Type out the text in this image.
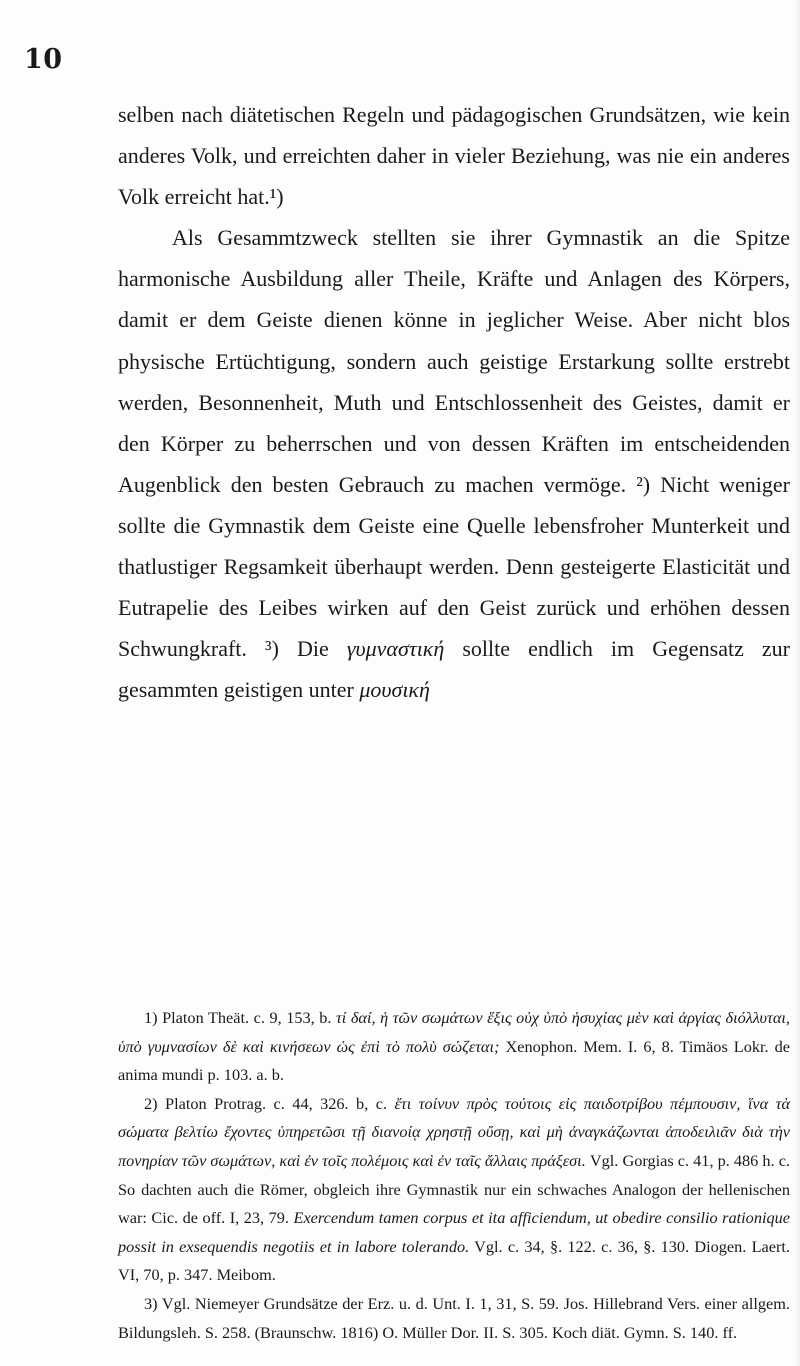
10

selben nach diätetischen Regeln und pädagogischen Grundsätzen, wie kein anderes Volk, und erreichten daher in vieler Beziehung, was nie ein anderes Volk erreicht hat.¹)

Als Gesammtzweck stellten sie ihrer Gymnastik an die Spitze harmonische Ausbildung aller Theile, Kräfte und Anlagen des Körpers, damit er dem Geiste dienen könne in jeglicher Weise. Aber nicht blos physische Ertüchtigung, sondern auch geistige Erstarkung sollte erstrebt werden, Besonnenheit, Muth und Entschlossenheit des Geistes, damit er den Körper zu beherrschen und von dessen Kräften im entscheidenden Augenblick den besten Gebrauch zu machen vermöge. ²) Nicht weniger sollte die Gymnastik dem Geiste eine Quelle lebensfroher Munterkeit und thatlustiger Regsamkeit überhaupt werden. Denn gesteigerte Elasticität und Eutrapelie des Leibes wirken auf den Geist zurück und erhöhen dessen Schwungkraft. ³) Die γυμναστική sollte endlich im Gegensatz zur gesammten geistigen unter μουσική

1) Platon Theät. c. 9, 153, b. τί δαί, ἡ τῶν σωμάτων ἕξις οὐχ ὑπὸ ἡσυχίας μὲν καὶ ἀργίας διόλλυται, ὑπὸ γυμνασίων δὲ καὶ κινήσεων ὡς ἐπὶ τὸ πολὺ σώζεται; Xenophon. Mem. I. 6, 8. Timäos Lokr. de anima mundi p. 103. a. b.

2) Platon Protrag. c. 44, 326. b, c. ἔτι τοίνυν πρὸς τούτοις εἰς παιδοτρίβου πέμπουσιν, ἵνα τὰ σώματα βελτίω ἔχοντες ὑπηρετῶσι τῇ διανοίᾳ χρηστῇ οὔσῃ, καὶ μὴ ἀναγκάζωνται ἀποδειλιᾶν διὰ τὴν πονηρίαν τῶν σωμάτων, καὶ ἐν τοῖς πολέμοις καὶ ἐν ταῖς ἄλλαις πράξεσι. Vgl. Gorgias c. 41, p. 486 h. c. So dachten auch die Römer, obgleich ihre Gymnastik nur ein schwaches Analogon der hellenischen war: Cic. de off. I, 23, 79. Exercendum tamen corpus et ita afficiendum, ut obedire consilio rationique possit in exsequendis negotiis et in labore tolerando. Vgl. c. 34, §. 122. c. 36, §. 130. Diogen. Laert. VI, 70, p. 347. Meibom.

3) Vgl. Niemeyer Grundsätze der Erz. u. d. Unt. I. 1, 31, S. 59. Jos. Hillebrand Vers. einer allgem. Bildungsleh. S. 258. (Braunschw. 1816) O. Müller Dor. II. S. 305. Koch diät. Gymn. S. 140. ff.
